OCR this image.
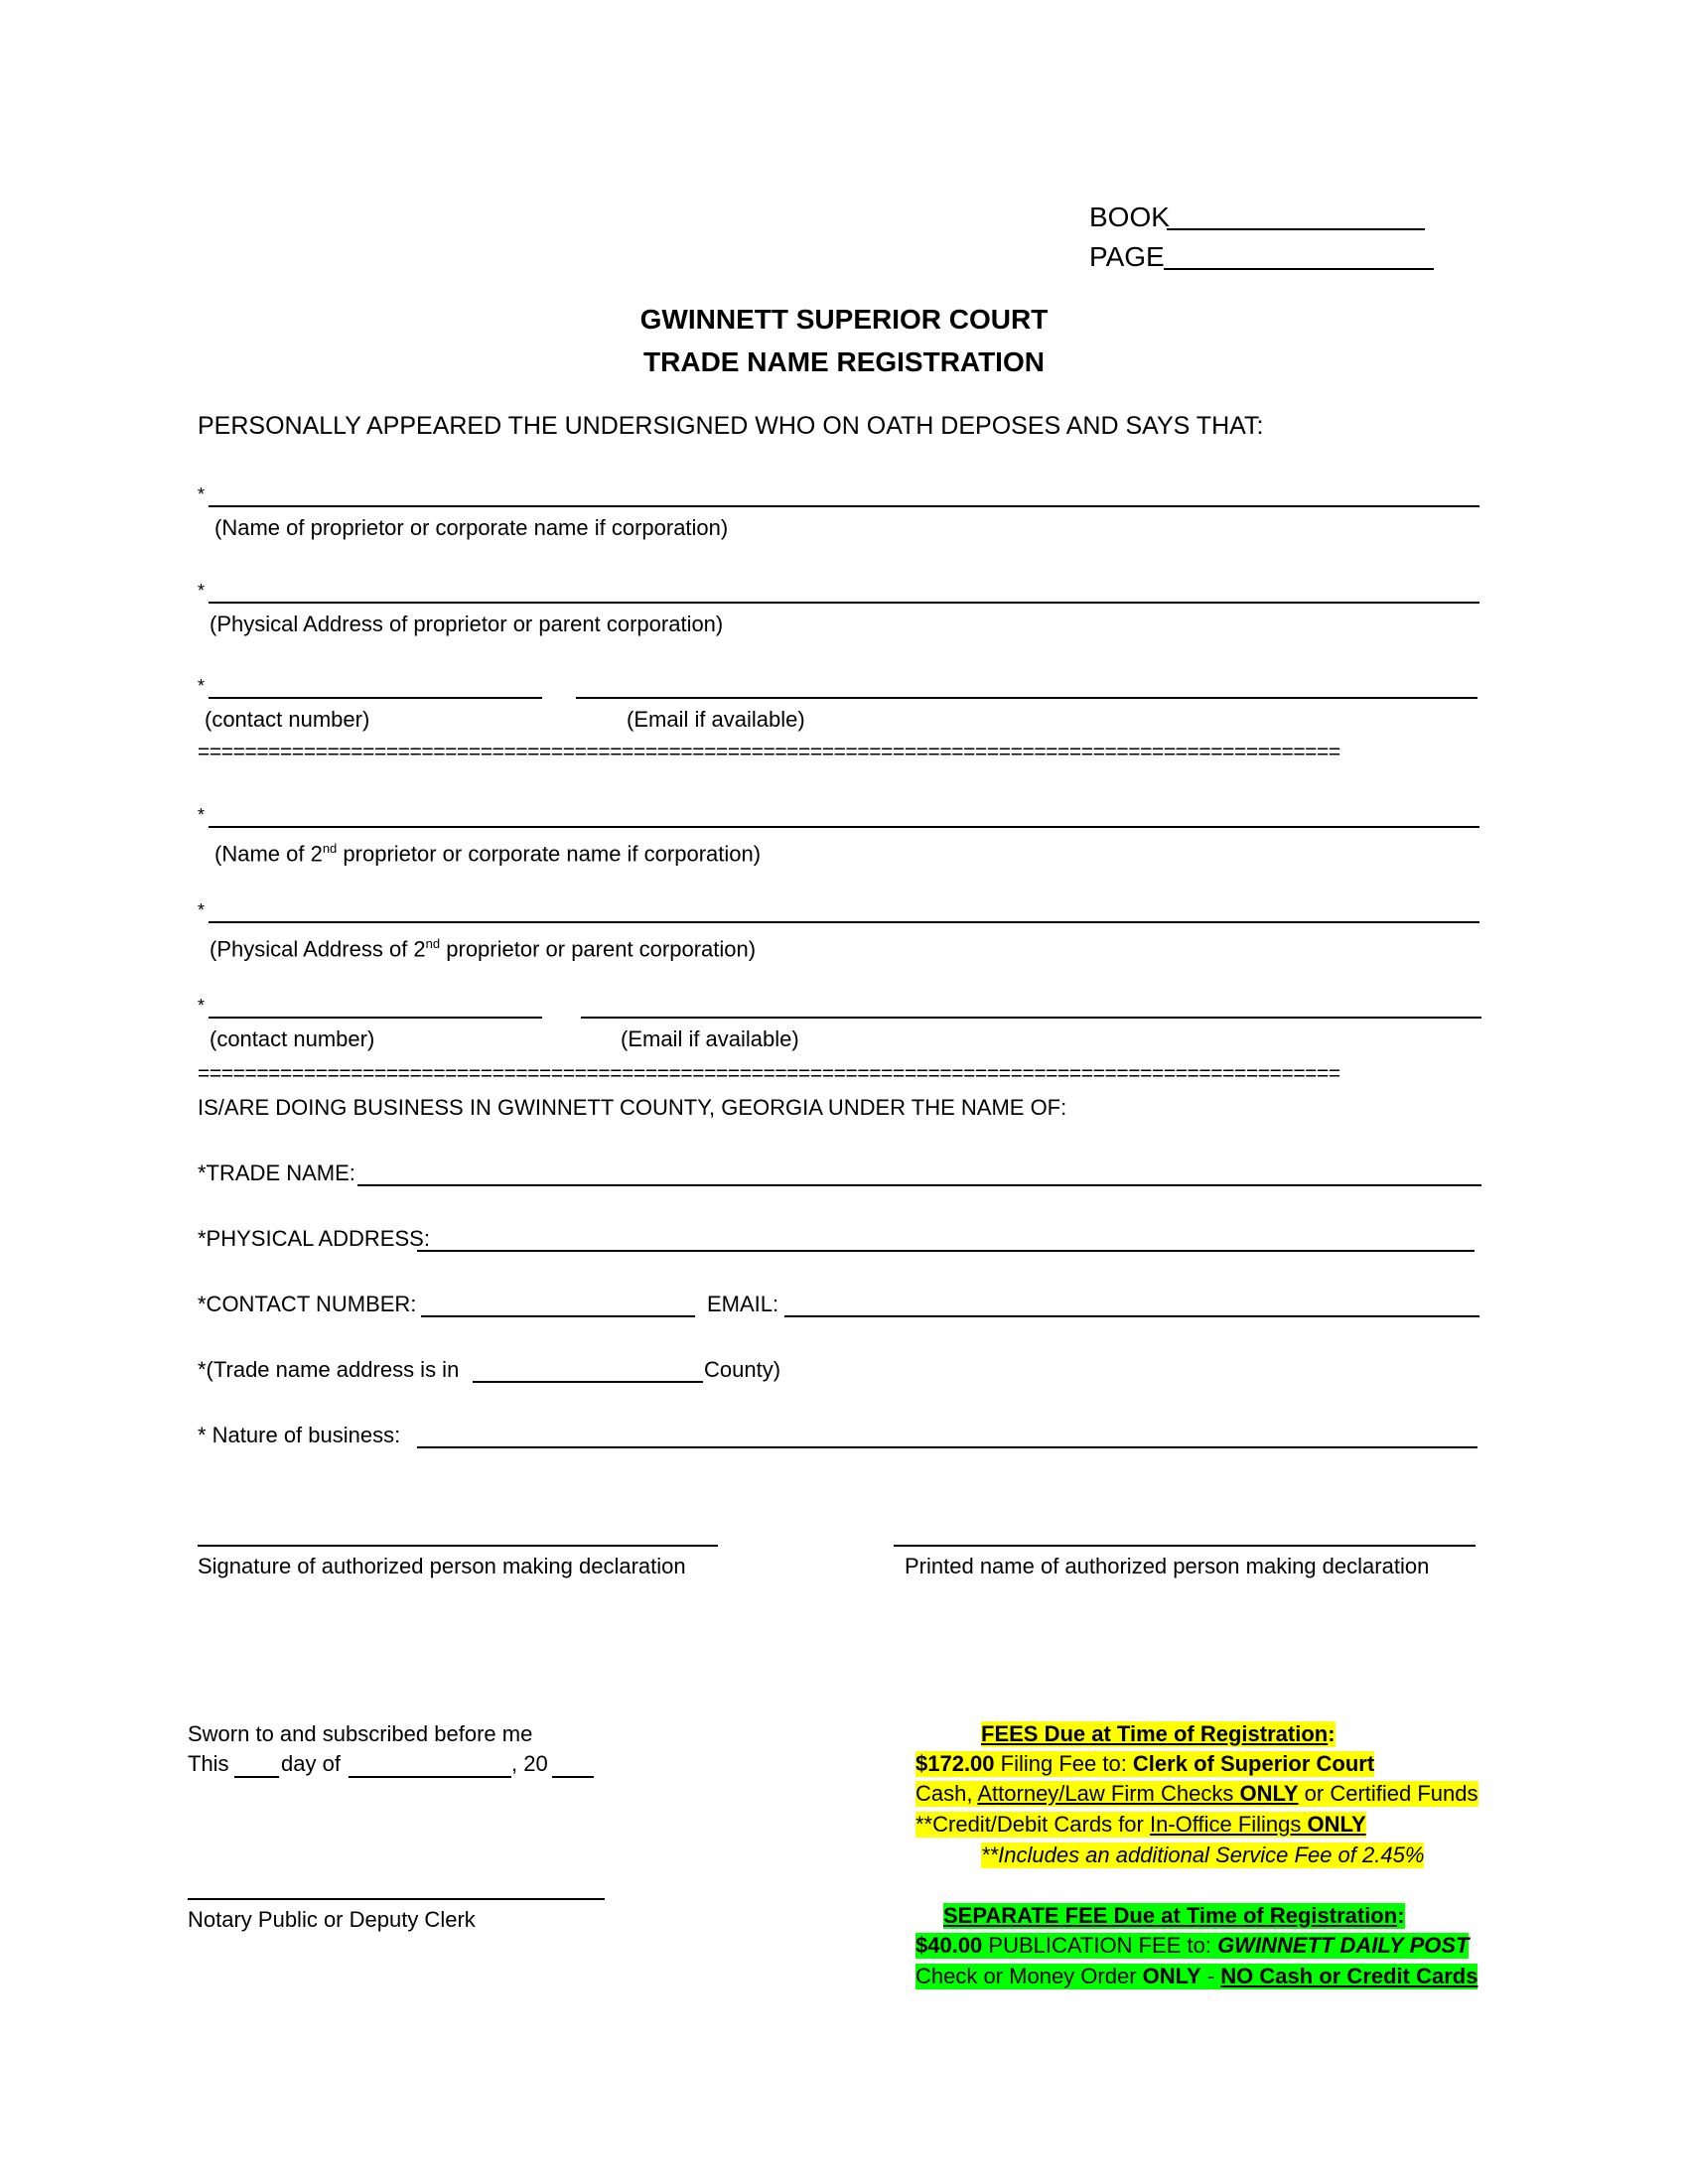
BOOK
PAGE
GWINNETT SUPERIOR COURT
TRADE NAME REGISTRATION
PERSONALLY APPEARED THE UNDERSIGNED WHO ON OATH DEPOSES AND SAYS THAT:
*
(Name of proprietor or corporate name if corporation)
*
(Physical Address of proprietor or parent corporation)
*
(contact number)	(Email if available)
=================================================================================================
*
(Name of 2nd proprietor or corporate name if corporation)
*
(Physical Address of 2nd proprietor or parent corporation)
*
(contact number)	(Email if available)
=================================================================================================
IS/ARE DOING BUSINESS IN GWINNETT COUNTY, GEORGIA UNDER THE NAME OF:
*TRADE NAME:
*PHYSICAL ADDRESS:
*CONTACT NUMBER:	EMAIL:
*(Trade name address is in	County)
* Nature of business:
Signature of authorized person making declaration	Printed name of authorized person making declaration
Sworn to and subscribed before me
This day of	, 20
Notary Public or Deputy Clerk
FEES Due at Time of Registration:
$172.00 Filing Fee to: Clerk of Superior Court
Cash, Attorney/Law Firm Checks ONLY or Certified Funds
**Credit/Debit Cards for In-Office Filings ONLY
**Includes an additional Service Fee of 2.45%
SEPARATE FEE Due at Time of Registration:
$40.00 PUBLICATION FEE to: GWINNETT DAILY POST
Check or Money Order ONLY - NO Cash or Credit Cards
